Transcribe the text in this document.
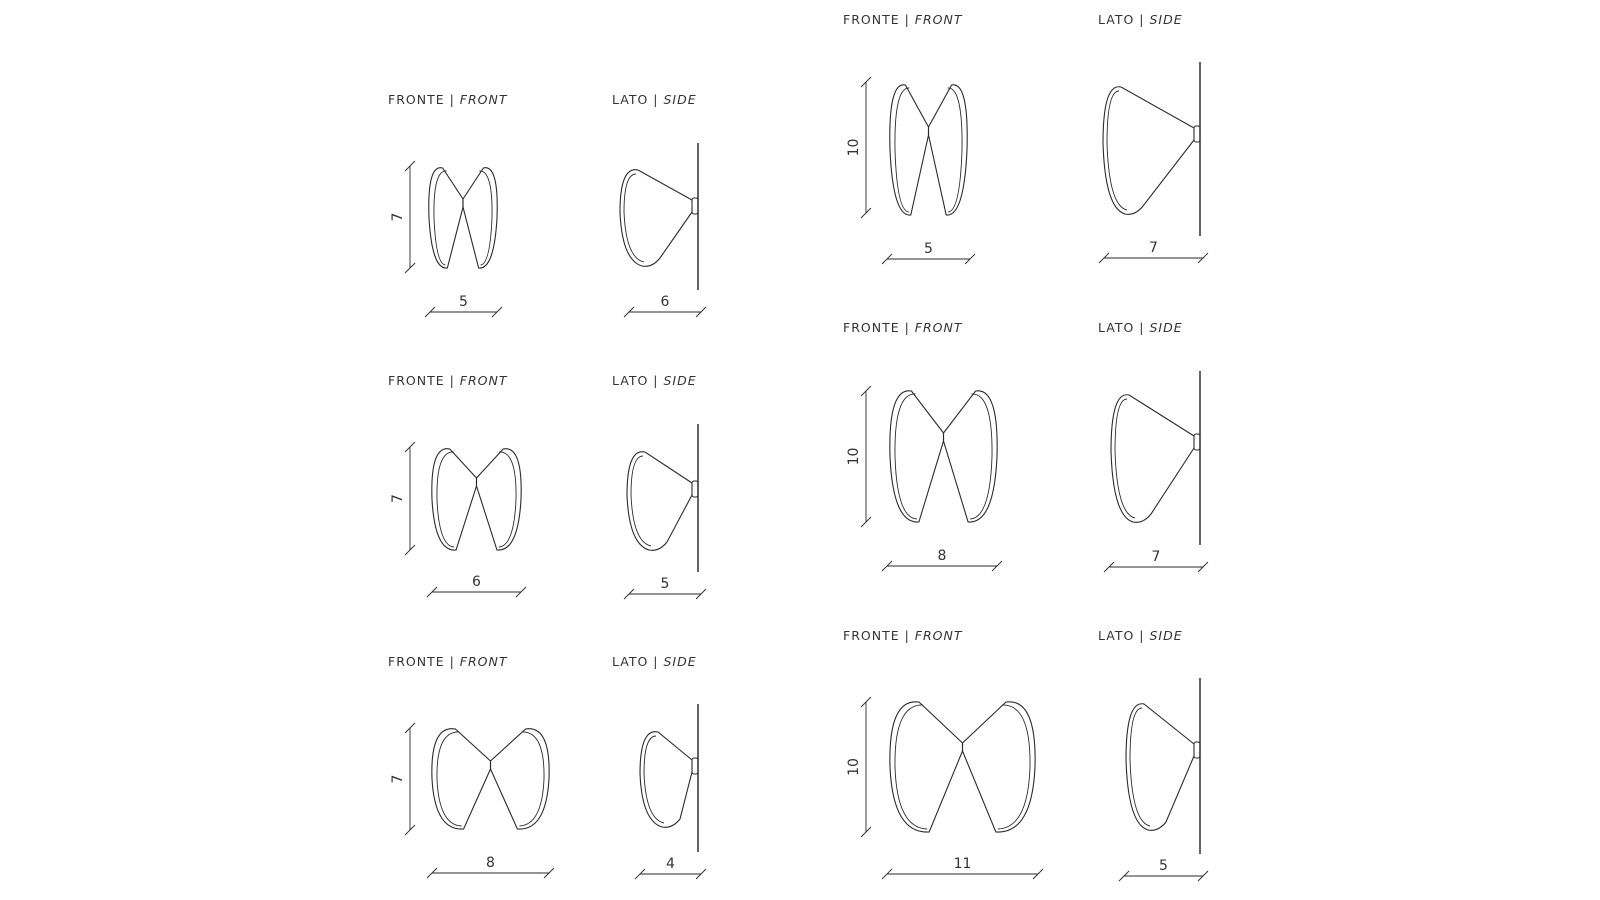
FRONTE | FRONT
7
5
LATO | SIDE
6
FRONTE | FRONT
7
6
LATO | SIDE
5
FRONTE | FRONT
7
8
LATO | SIDE
4
FRONTE | FRONT
10
5
LATO | SIDE
7
FRONTE | FRONT
10
8
LATO | SIDE
7
FRONTE | FRONT
10
11
LATO | SIDE
5
